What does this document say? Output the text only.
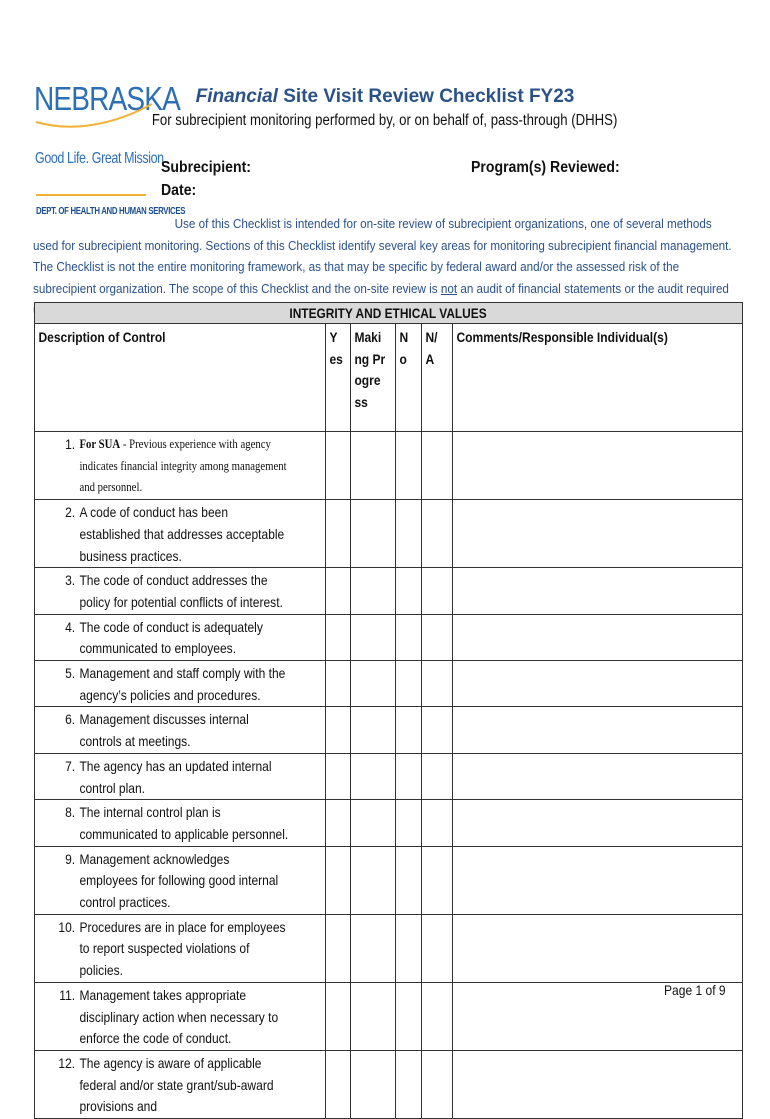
NEBRASKA
Good Life. Great Mission.
DEPT. OF HEALTH AND HUMAN SERVICES
Financial Site Visit Review Checklist FY23
For subrecipient monitoring performed by, or on behalf of, pass-through (DHHS)
Subrecipient:
Date:
Program(s) Reviewed:
Use of this Checklist is intended for on-site review of subrecipient organizations, one of several methods used for subrecipient monitoring. Sections of this Checklist identify several key areas for monitoring subrecipient financial management. The Checklist is not the entire monitoring framework, as that may be specific by federal award and/or the assessed risk of the subrecipient organization. The scope of this Checklist and the on-site review is not an audit of financial statements or the audit required
INTEGRITY AND ETHICAL VALUES					

Description of Control	Yes	Making Progress	No	N/A	Comments/Responsible Individual(s)

1. For SUA - Previous experience with agency indicates financial integrity among management and personnel.					

2. A code of conduct has been established that addresses acceptable business practices.					

3. The code of conduct addresses the policy for potential conflicts of interest.					

4. The code of conduct is adequately communicated to employees.					

5. Management and staff comply with the agency’s policies and procedures.					

6. Management discusses internal controls at meetings.					

7. The agency has an updated internal control plan.					

8. The internal control plan is communicated to applicable personnel.					

9. Management acknowledges employees for following good internal control practices.					

10. Procedures are in place for employees to report suspected violations of policies.					

11. Management takes appropriate disciplinary action when necessary to enforce the code of conduct.					

12. The agency is aware of applicable federal and/or state grant/sub-award provisions and					

Page 1 of 9
